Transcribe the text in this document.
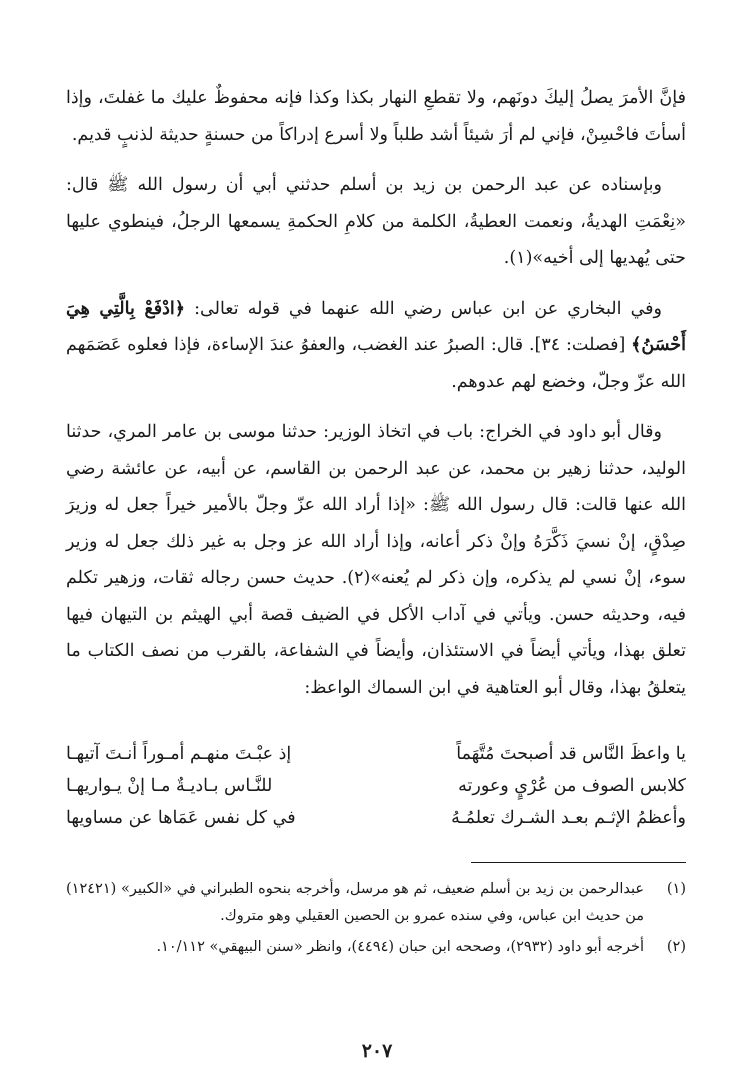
فإنَّ الأمرَ يصلُ إليكَ دونَهم، ولا تقطعِ النهار بكذا وكذا فإنه محفوظٌ عليك ما غفلتَ، وإذا أسأتَ فاحْسِنْ، فإني لم أرَ شيئاً أشد طلباً ولا أسرع إدراكاً من حسنةٍ حديثة لذنبٍ قديم.

وبإسناده عن عبد الرحمن بن زيد بن أسلم حدثني أبي أن رسول الله ﷺ قال: «نِعْمَتِ الهديةُ، ونعمت العطيةُ، الكلمة من كلامِ الحكمةِ يسمعها الرجلُ، فينطوي عليها حتى يُهديها إلى أخيه»(١).

وفي البخاري عن ابن عباس رضي الله عنهما في قوله تعالى: ﴿ادْفَعْ بِالَّتِي هِيَ أَحْسَنُ﴾ [فصلت: ٣٤]. قال: الصبرُ عند الغضب، والعفوُ عندَ الإساءة، فإذا فعلوه عَصَمَهم الله عزّ وجلّ، وخضع لهم عدوهم.

وقال أبو داود في الخراج: باب في اتخاذ الوزير: حدثنا موسى بن عامر المري، حدثنا الوليد، حدثنا زهير بن محمد، عن عبد الرحمن بن القاسم، عن أبيه، عن عائشة رضي الله عنها قالت: قال رسول الله ﷺ: «إذا أراد الله عزّ وجلّ بالأمير خيراً جعل له وزيرَ صِدْقٍ، إنْ نسيَ ذَكَّرَهُ وإنْ ذكر أعانه، وإذا أراد الله عز وجل به غير ذلك جعل له وزير سوء، إنْ نسي لم يذكره، وإن ذكر لم يُعنه»(٢). حديث حسن رجاله ثقات، وزهير تكلم فيه، وحديثه حسن. ويأتي في آداب الأكل في الضيف قصة أبي الهيثم بن التيهان فيها تعلق بهذا، ويأتي أيضاً في الاستئذان، وأيضاً في الشفاعة، بالقرب من نصف الكتاب ما يتعلقُ بهذا، وقال أبو العتاهية في ابن السماك الواعظ:

يا واعظَ النَّاس قد أصبحتَ مُتَّهَماً
إذ عبْـتَ منهـم أمـوراً أنـتَ آتيهـا
كلابس الصوف من عُرْيٍ وعورته
للنَّـاس بـاديـةٌ مـا إنْ يـواريهـا
وأعظمُ الإثـم بعـد الشـرك تعلمُـهُ
في كل نفس عَمَاها عن مساويها
(١)
عبدالرحمن بن زيد بن أسلم ضعيف، ثم هو مرسل، وأخرجه بنحوه الطبراني في «الكبير» (١٢٤٢١) من حديث ابن عباس، وفي سنده عمرو بن الحصين العقيلي وهو متروك.
(٢)
أخرجه أبو داود (٢٩٣٢)، وصححه ابن حبان (٤٤٩٤)، وانظر «سنن البيهقي» ١٠/١١٢.
٢٠٧
